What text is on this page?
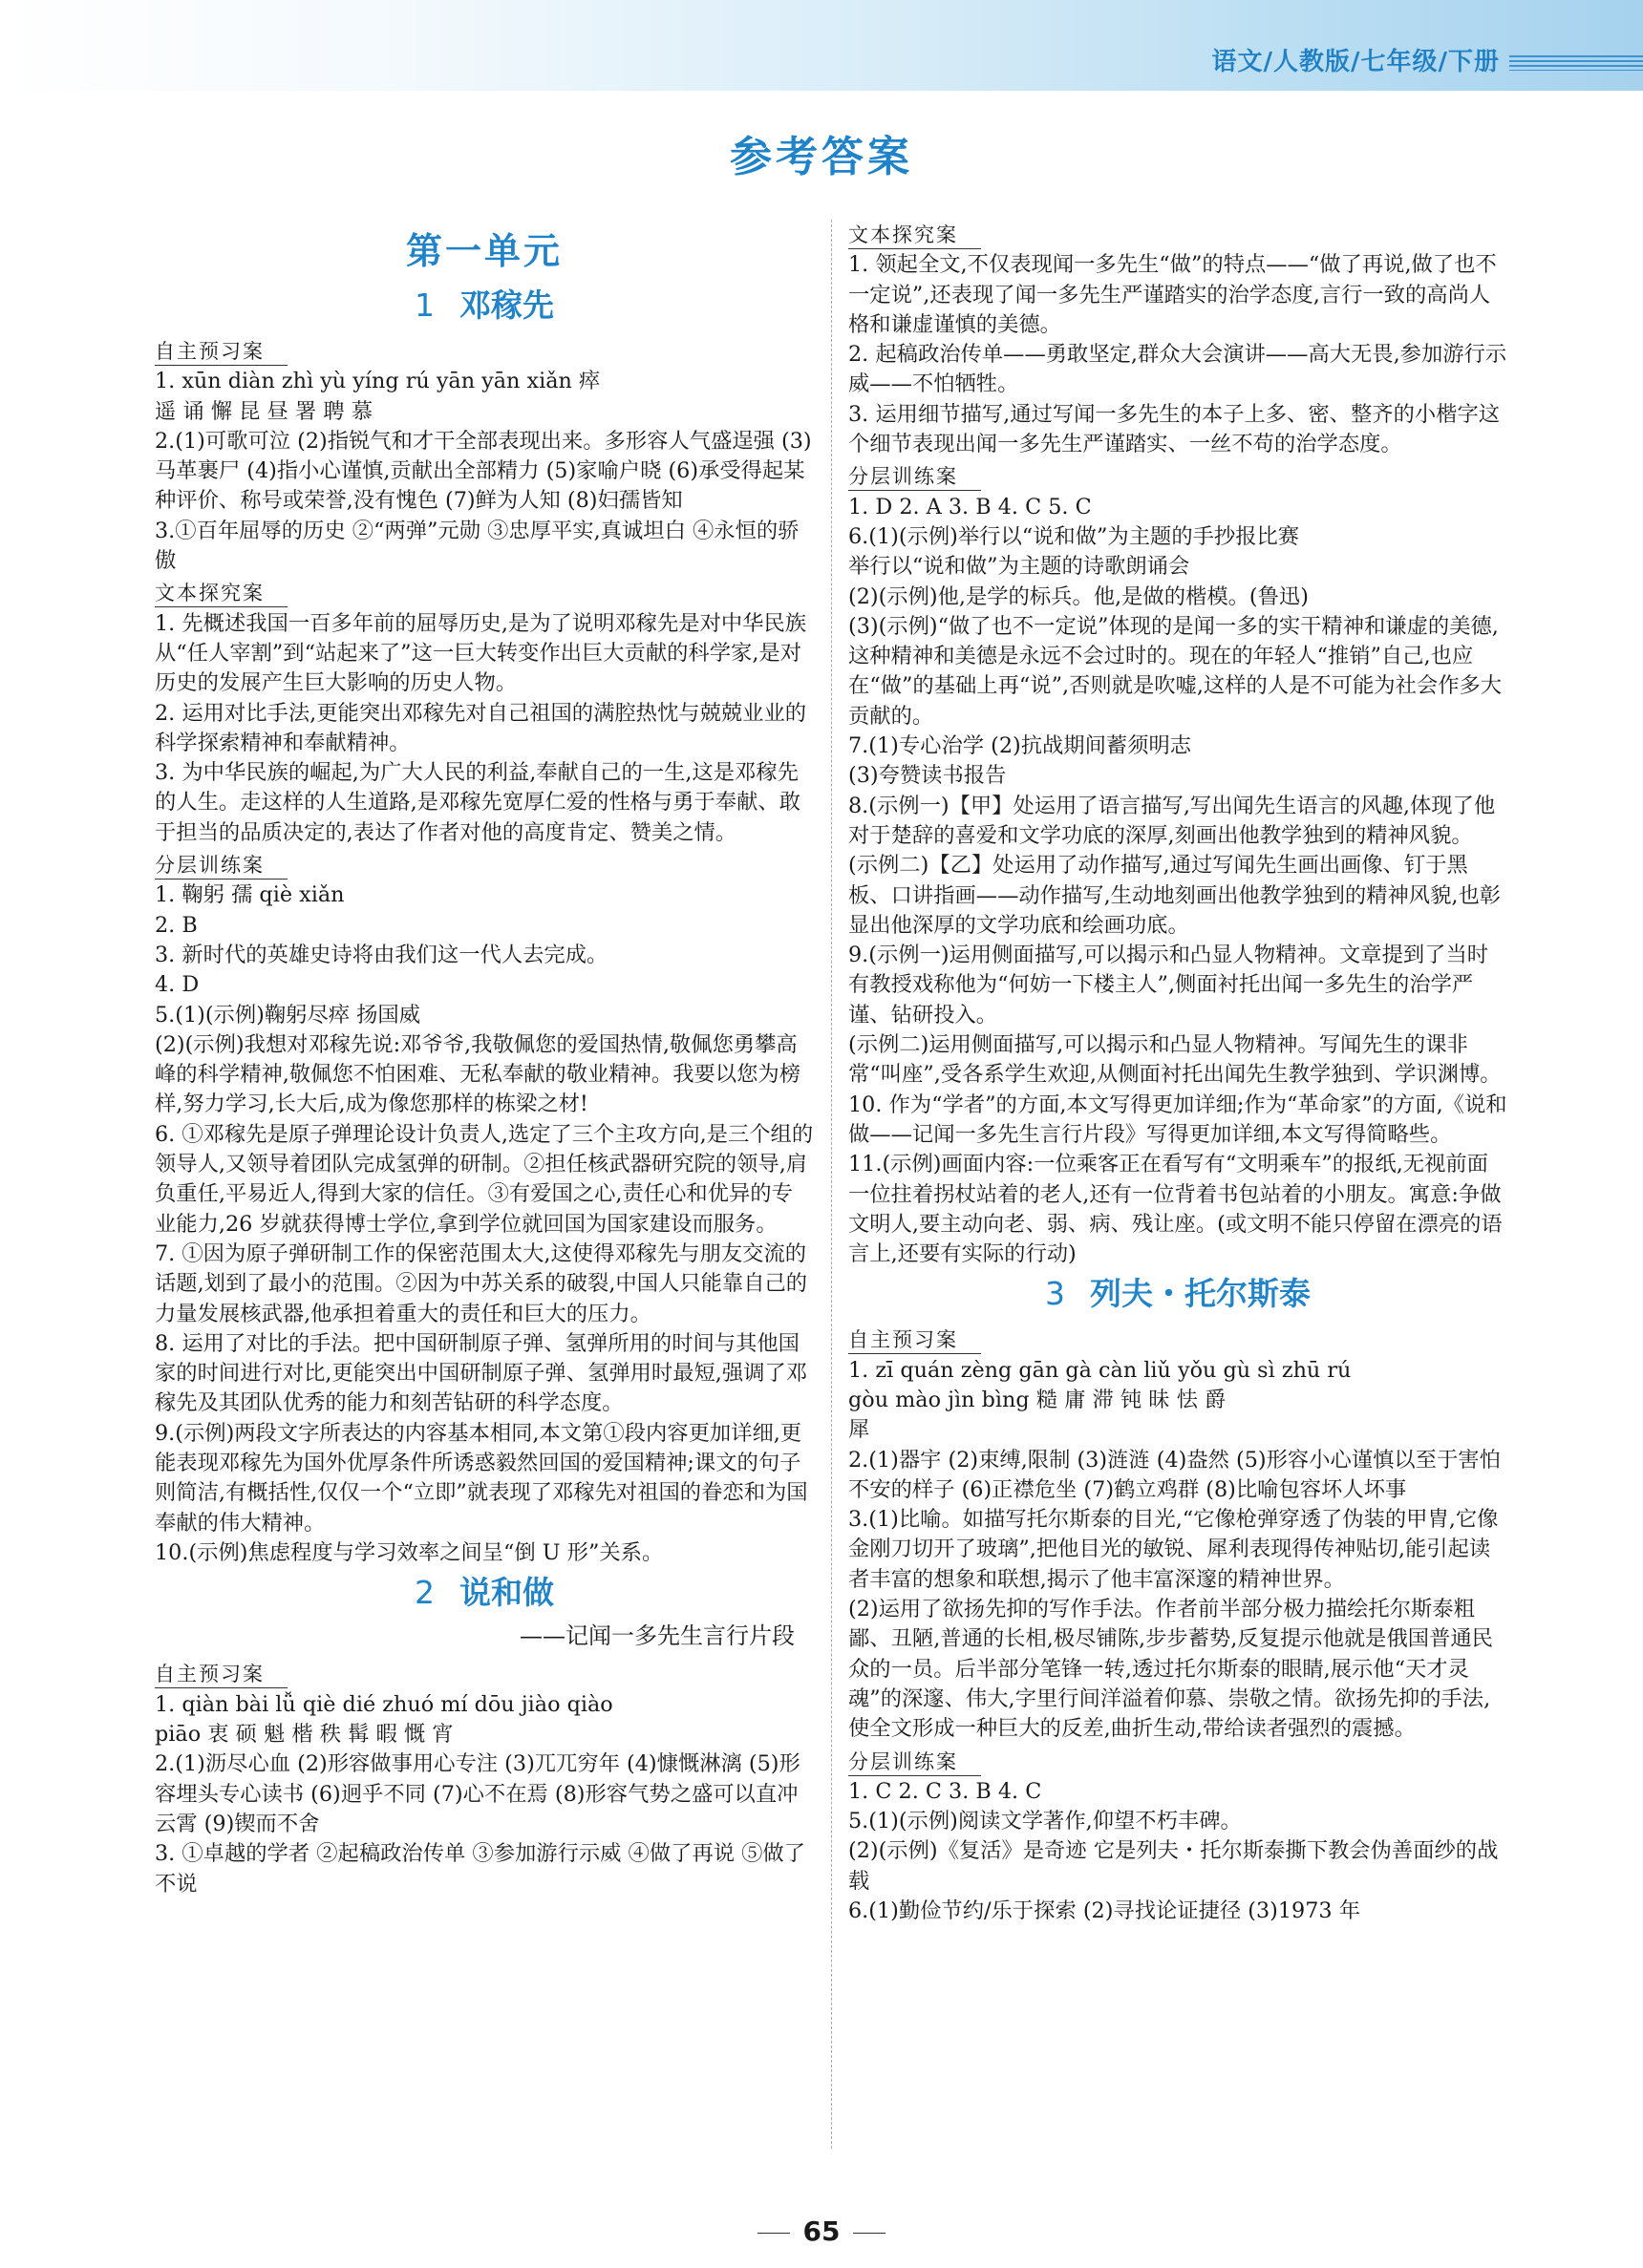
语文/人教版/七年级/下册
参考答案
第一单元
1 邓稼先
自主预习案

1. xūn diàn zhì yù yíng rú yān yān xiǎn 瘁

遥 诵 懈 昆 昼 署 聘 慕

2.(1)可歌可泣 (2)指锐气和才干全部表现出来。多形容人气盛逞强 (3)马革裹尸 (4)指小心谨慎,贡献出全部精力 (5)家喻户晓 (6)承受得起某种评价、称号或荣誉,没有愧色 (7)鲜为人知 (8)妇孺皆知

3.①百年屈辱的历史 ②“两弹”元勋 ③忠厚平实,真诚坦白 ④永恒的骄傲

文本探究案

1. 先概述我国一百多年前的屈辱历史,是为了说明邓稼先是对中华民族从“任人宰割”到“站起来了”这一巨大转变作出巨大贡献的科学家,是对历史的发展产生巨大影响的历史人物。

2. 运用对比手法,更能突出邓稼先对自己祖国的满腔热忱与兢兢业业的科学探索精神和奉献精神。

3. 为中华民族的崛起,为广大人民的利益,奉献自己的一生,这是邓稼先的人生。走这样的人生道路,是邓稼先宽厚仁爱的性格与勇于奉献、敢于担当的品质决定的,表达了作者对他的高度肯定、赞美之情。

分层训练案

1. 鞠躬 孺 qiè xiǎn

2. B

3. 新时代的英雄史诗将由我们这一代人去完成。

4. D

5.(1)(示例)鞠躬尽瘁 扬国威

(2)(示例)我想对邓稼先说:邓爷爷,我敬佩您的爱国热情,敬佩您勇攀高峰的科学精神,敬佩您不怕困难、无私奉献的敬业精神。我要以您为榜样,努力学习,长大后,成为像您那样的栋梁之材!

6. ①邓稼先是原子弹理论设计负责人,选定了三个主攻方向,是三个组的领导人,又领导着团队完成氢弹的研制。②担任核武器研究院的领导,肩负重任,平易近人,得到大家的信任。③有爱国之心,责任心和优异的专业能力,26 岁就获得博士学位,拿到学位就回国为国家建设而服务。

7. ①因为原子弹研制工作的保密范围太大,这使得邓稼先与朋友交流的话题,划到了最小的范围。②因为中苏关系的破裂,中国人只能靠自己的力量发展核武器,他承担着重大的责任和巨大的压力。

8. 运用了对比的手法。把中国研制原子弹、氢弹所用的时间与其他国家的时间进行对比,更能突出中国研制原子弹、氢弹用时最短,强调了邓稼先及其团队优秀的能力和刻苦钻研的科学态度。

9.(示例)两段文字所表达的内容基本相同,本文第①段内容更加详细,更能表现邓稼先为国外优厚条件所诱惑毅然回国的爱国精神;课文的句子则简洁,有概括性,仅仅一个“立即”就表现了邓稼先对祖国的眷恋和为国奉献的伟大精神。

10.(示例)焦虑程度与学习效率之间呈“倒 U 形”关系。

2 说和做
——记闻一多先生言行片段
自主预习案

1. qiàn bài lǚ qiè dié zhuó mí dōu jiào qiào

piāo 衷 硕 魁 楷 秩 髯 暇 慨 宵

2.(1)沥尽心血 (2)形容做事用心专注 (3)兀兀穷年 (4)慷慨淋漓 (5)形容埋头专心读书 (6)迥乎不同 (7)心不在焉 (8)形容气势之盛可以直冲云霄 (9)锲而不舍

3. ①卓越的学者 ②起稿政治传单 ③参加游行示威 ④做了再说 ⑤做了不说

文本探究案

1. 领起全文,不仅表现闻一多先生“做”的特点——“做了再说,做了也不一定说”,还表现了闻一多先生严谨踏实的治学态度,言行一致的高尚人格和谦虚谨慎的美德。

2. 起稿政治传单——勇敢坚定,群众大会演讲——高大无畏,参加游行示威——不怕牺牲。

3. 运用细节描写,通过写闻一多先生的本子上多、密、整齐的小楷字这个细节表现出闻一多先生严谨踏实、一丝不苟的治学态度。

分层训练案

1. D 2. A 3. B 4. C 5. C

6.(1)(示例)举行以“说和做”为主题的手抄报比赛

举行以“说和做”为主题的诗歌朗诵会

(2)(示例)他,是学的标兵。他,是做的楷模。(鲁迅)

(3)(示例)“做了也不一定说”体现的是闻一多的实干精神和谦虚的美德,这种精神和美德是永远不会过时的。现在的年轻人“推销”自己,也应在“做”的基础上再“说”,否则就是吹嘘,这样的人是不可能为社会作多大贡献的。

7.(1)专心治学 (2)抗战期间蓄须明志

(3)夸赞读书报告

8.(示例一)【甲】处运用了语言描写,写出闻先生语言的风趣,体现了他对于楚辞的喜爱和文学功底的深厚,刻画出他教学独到的精神风貌。

(示例二)【乙】处运用了动作描写,通过写闻先生画出画像、钉于黑板、口讲指画——动作描写,生动地刻画出他教学独到的精神风貌,也彰显出他深厚的文学功底和绘画功底。

9.(示例一)运用侧面描写,可以揭示和凸显人物精神。文章提到了当时有教授戏称他为“何妨一下楼主人”,侧面衬托出闻一多先生的治学严谨、钻研投入。

(示例二)运用侧面描写,可以揭示和凸显人物精神。写闻先生的课非常“叫座”,受各系学生欢迎,从侧面衬托出闻先生教学独到、学识渊博。

10. 作为“学者”的方面,本文写得更加详细;作为“革命家”的方面,《说和做——记闻一多先生言行片段》写得更加详细,本文写得简略些。

11.(示例)画面内容:一位乘客正在看写有“文明乘车”的报纸,无视前面一位拄着拐杖站着的老人,还有一位背着书包站着的小朋友。寓意:争做文明人,要主动向老、弱、病、残让座。(或文明不能只停留在漂亮的语言上,还要有实际的行动)

3 列夫・托尔斯泰
自主预习案

1. zī quán zèng gān gà càn liǔ yǒu gù sì zhū rú

gòu mào jìn bìng 糙 庸 滞 钝 昧 怯 爵

犀

2.(1)器宇 (2)束缚,限制 (3)涟涟 (4)盎然 (5)形容小心谨慎以至于害怕不安的样子 (6)正襟危坐 (7)鹤立鸡群 (8)比喻包容坏人坏事

3.(1)比喻。如描写托尔斯泰的目光,“它像枪弹穿透了伪装的甲胄,它像金刚刀切开了玻璃”,把他目光的敏锐、犀利表现得传神贴切,能引起读者丰富的想象和联想,揭示了他丰富深邃的精神世界。

(2)运用了欲扬先抑的写作手法。作者前半部分极力描绘托尔斯泰粗鄙、丑陋,普通的长相,极尽铺陈,步步蓄势,反复提示他就是俄国普通民众的一员。后半部分笔锋一转,透过托尔斯泰的眼睛,展示他“天才灵魂”的深邃、伟大,字里行间洋溢着仰慕、崇敬之情。欲扬先抑的手法,使全文形成一种巨大的反差,曲折生动,带给读者强烈的震撼。

分层训练案

1. C 2. C 3. B 4. C

5.(1)(示例)阅读文学著作,仰望不朽丰碑。

(2)(示例)《复活》是奇迹 它是列夫・托尔斯泰撕下教会伪善面纱的战载

6.(1)勤俭节约/乐于探索 (2)寻找论证捷径 (3)1973 年

65
